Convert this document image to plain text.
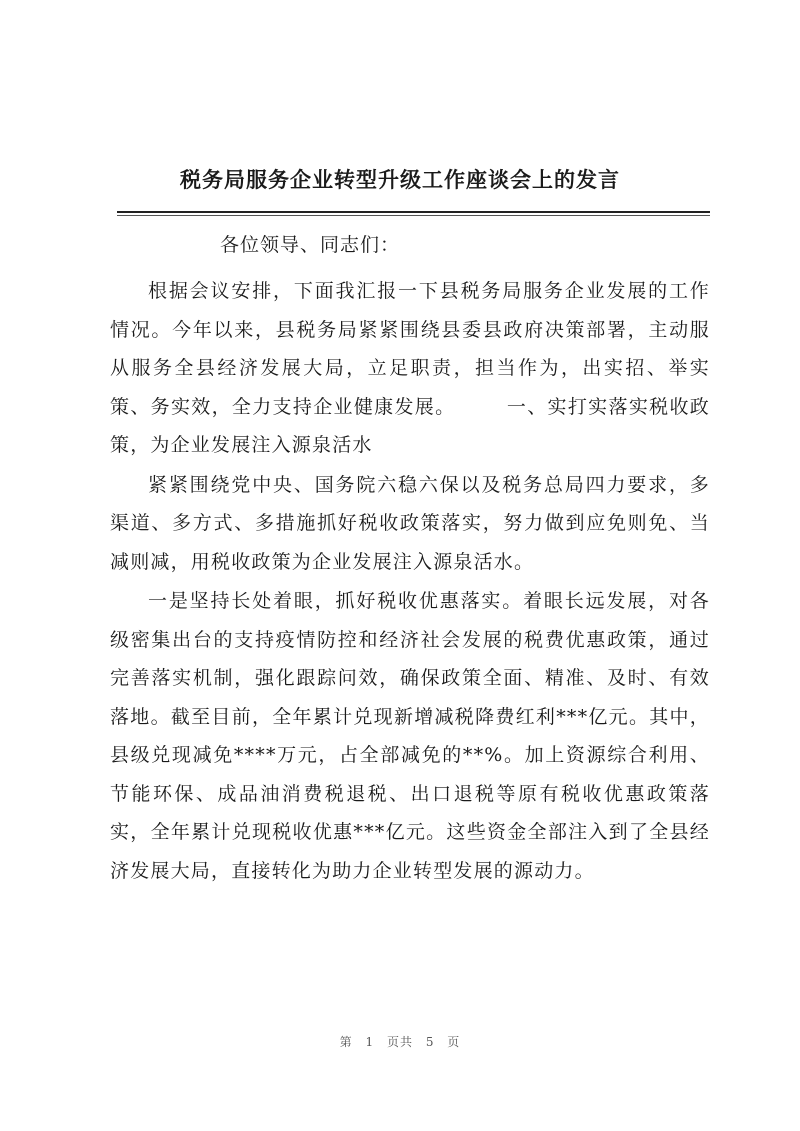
税务局服务企业转型升级工作座谈会上的发言

各位领导、同志们：

根据会议安排，下面我汇报一下县税务局服务企业发展的工作情况。今年以来，县税务局紧紧围绕县委县政府决策部署，主动服从服务全县经济发展大局，立足职责，担当作为，出实招、举实策、务实效，全力支持企业健康发展。　　　一、实打实落实税收政策，为企业发展注入源泉活水

紧紧围绕党中央、国务院六稳六保以及税务总局四力要求，多渠道、多方式、多措施抓好税收政策落实，努力做到应免则免、当减则减，用税收政策为企业发展注入源泉活水。

一是坚持长处着眼，抓好税收优惠落实。着眼长远发展，对各级密集出台的支持疫情防控和经济社会发展的税费优惠政策，通过完善落实机制，强化跟踪问效，确保政策全面、精准、及时、有效落地。截至目前，全年累计兑现新增减税降费红利***亿元。其中，县级兑现减免****万元，占全部减免的**%。加上资源综合利用、节能环保、成品油消费税退税、出口退税等原有税收优惠政策落实，全年累计兑现税收优惠***亿元。这些资金全部注入到了全县经济发展大局，直接转化为助力企业转型发展的源动力。

第 1 页共 5 页
